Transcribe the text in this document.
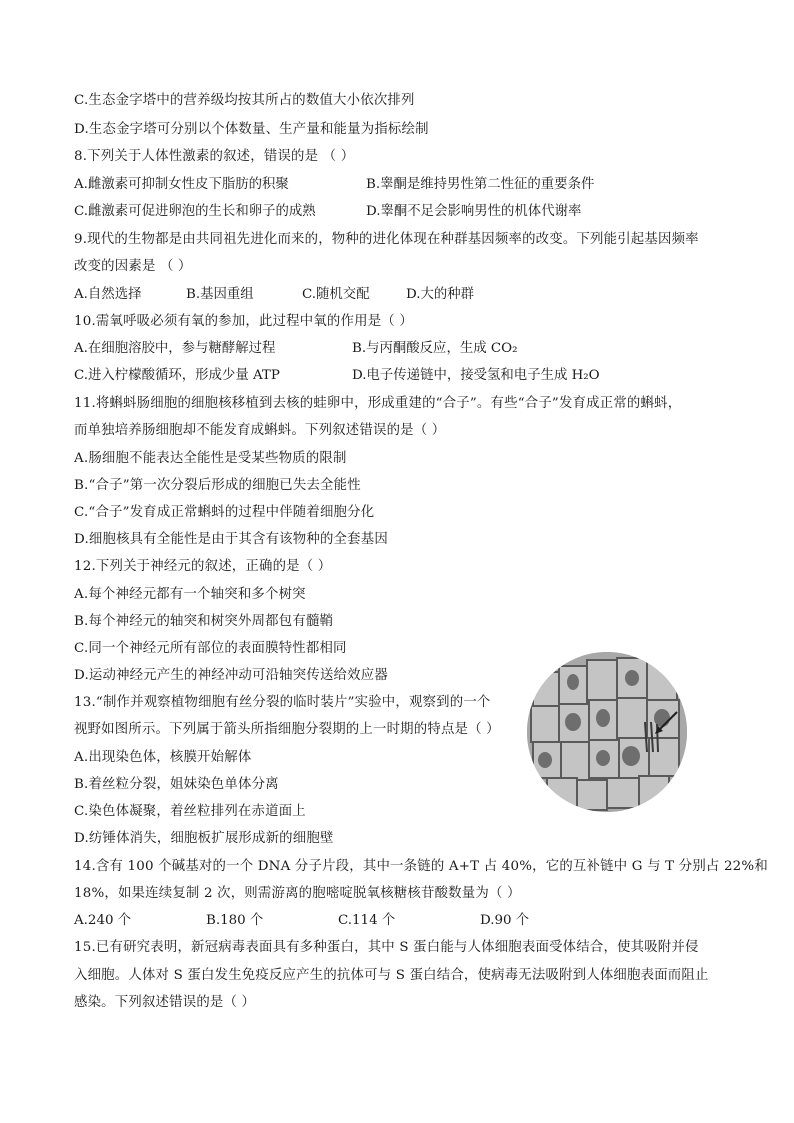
C.生态金字塔中的营养级均按其所占的数值大小依次排列
D.生态金字塔可分别以个体数量、生产量和能量为指标绘制
8.下列关于人体性激素的叙述，错误的是 （ ）
9.现代的生物都是由共同祖先进化而来的，物种的进化体现在种群基因频率的改变。下列能引起基因频率
改变的因素是 （ ）
10.需氧呼吸必须有氧的参加，此过程中氧的作用是（ ）
11.将蝌蚪肠细胞的细胞核移植到去核的蛙卵中，形成重建的“合子”。有些“合子”发育成正常的蝌蚪，
而单独培养肠细胞却不能发育成蝌蚪。下列叙述错误的是（ ）
A.肠细胞不能表达全能性是受某些物质的限制
B.“合子”第一次分裂后形成的细胞已失去全能性
C.“合子”发育成正常蝌蚪的过程中伴随着细胞分化
D.细胞核具有全能性是由于其含有该物种的全套基因
12.下列关于神经元的叙述，正确的是（ ）
A.每个神经元都有一个轴突和多个树突
B.每个神经元的轴突和树突外周都包有髓鞘
C.同一个神经元所有部位的表面膜特性都相同
D.运动神经元产生的神经冲动可沿轴突传送给效应器
13.“制作并观察植物细胞有丝分裂的临时装片”实验中，观察到的一个
视野如图所示。下列属于箭头所指细胞分裂期的上一时期的特点是（ ）
A.出现染色体，核膜开始解体
B.着丝粒分裂，姐妹染色单体分离
C.染色体凝聚，着丝粒排列在赤道面上
D.纺锤体消失，细胞板扩展形成新的细胞壁
14.含有 100 个碱基对的一个 DNA 分子片段，其中一条链的 A+T 占 40%，它的互补链中 G 与 T 分别占 22%和
18%，如果连续复制 2 次，则需游离的胞嘧啶脱氧核糖核苷酸数量为（ ）
15.已有研究表明，新冠病毒表面具有多种蛋白，其中 S 蛋白能与人体细胞表面受体结合，使其吸附并侵
入细胞。人体对 S 蛋白发生免疫反应产生的抗体可与 S 蛋白结合，使病毒无法吸附到人体细胞表面而阻止
感染。下列叙述错误的是（ ）
A.雌激素可抑制女性皮下脂肪的积聚	B.睾酮是维持男性第二性征的重要条件
C.雌激素可促进卵泡的生长和卵子的成熟	D.睾酮不足会影响男性的机体代谢率
A.自然选择	B.基因重组	C.随机交配	D.大的种群
A.在细胞溶胶中，参与糖酵解过程	B.与丙酮酸反应，生成 CO₂
C.进入柠檬酸循环，形成少量 ATP	D.电子传递链中，接受氢和电子生成 H₂O
A.240 个	B.180 个	C.114 个	D.90 个
